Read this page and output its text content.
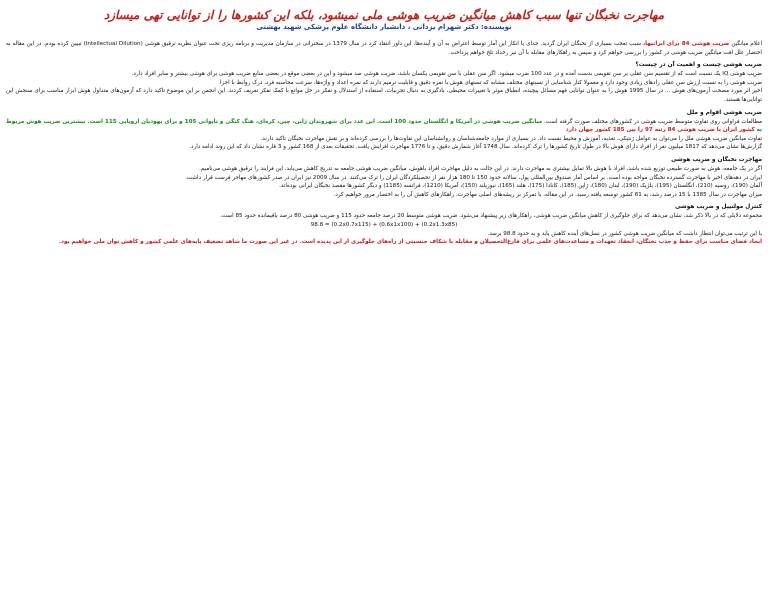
مهاجرت نخبگان تنها سبب کاهش میانگین ضریب هوشی ملی نمیشود، بلکه این کشورها را از توانایی تهی میسازد

نویسنده: دکتر شهرام یزدانی ، دانشیار دانشگاه علوم پزشکی شهید بهشتی

اعلام میانگین ضریب هوشی 84 برای ایرانیها، سبب تعجب بسیاری از نخبگان ایران گردید. جدای با انکار این آمار توسط اعتراض به آن و آینده‌ها، این داور انتقاد کرد در سال 1379 در سخنرانی در سازمان مدیریت و برنامه ریزی تحت عنوان نظریه ترقیق هوشی (Intellectual Dilution) تبیین کرده بودم. در این مقاله به اختصار علل افت میانگین ضریب هوشی در کشور را بررسی خواهم کرد و سپس به راهکارهای مقابله با آن نیز رخداد تلخ خواهم پرداخت.

ضریب هوشی چیست و اهمیت آن در چیست؟

ضریب هوشی IQ یک نسبت است که از تقسیم سن عقلی بر سن تقویمی بدست آمده و در عدد 100 ضرب میشود. اگر سن عقلی با سن تقویمی یکسان باشد، ضریب هوشی صد میشود و این در بعضی موقع در بعضی منابع ضریب هوشی برای هوشی بیشتر و سایر افراد دارد.

ضریب هوشی را به نسبت ارزش سن عقلی رادهای زیادی وجود دارد و معمولا کنار شناسایی از نسبتهای مختلف مشابه که تستهای هوش با نمره دقیق و قابلیت ترمیم دارند که نمره اعداد و واژه‌ها، سرعت محاسبه فرد، درک روابط با اجزا

اخیر اثر مورد مصحت آزمون‌های هوش ... در سال 1995 هوش را به عنوان توانایی فهم مسائل پیچیده، انطباق موثر با تغییرات محیطی، یادگیری به دنبال تجربیات، استفاده از استدلال و تفکر در حل موانع با کمک تفکر تعریف کردند. این انجمن بر این موضوع تاکید دارد که آزمون‌های متداول هوش ابزار مناسب برای سنجش این توانایی‌ها هستند.

ضریب هوشی اقوام و ملل

مطالعات فراوانی روی تفاوت متوسط ضریب هوشی در کشورهای مختلف صورت گرفته است. میانگین ضریب هوشی در آمریکا و انگلستان حدود 100 است. این عدد برای شهروندان ژاپن، چین، کره‌ای، هنگ کنگی و تایوانی 105 و برای یهودیان اروپایی 115 است. بیشترین ضریب هوش مربوط به کشور ایران با ضریب هوشی 84 رتبه 97 را بین 185 کشور جهان دارد

تفاوت میانگین ضریب هوشی ملل را می‌توان به عوامل ژنتیکی، تغذیه، آموزش و محیط نسبت داد. در بسیاری از موارد جامعه‌شناسان و روانشناسان این تفاوت‌ها را بررسی کرده‌اند و بر نقش مهاجرت نخبگان تاکید دارند.

گزارش‌ها نشان می‌دهد که 1817 میلیون نفر از افراد دارای هوش بالا در طول تاریخ کشورها را ترک کرده‌اند. سال 1748 آغاز شمارش دقیق، و تا 1776 مهاجرت افزایش یافت. تحقیقات بعدی از 168 کشور و 3 قاره نشان داد که این روند ادامه دارد.

مهاجرت نخبگان و ضریب هوشی

اگر در یک جامعه، هوش به صورت طبیعی توزیع شده باشد، افراد با هوش بالا تمایل بیشتری به مهاجرت دارند. در این حالت به دلیل مهاجرت افراد باهوش، میانگین ضریب هوشی جامعه به تدریج کاهش می‌یابد. این فرایند را ترقیق هوشی می‌نامیم.

ایران در دهه‌های اخیر با مهاجرت گسترده نخبگان مواجه بوده است. بر اساس آمار صندوق بین‌المللی پول، سالانه حدود 150 تا 180 هزار نفر از تحصیلکردگان ایران را ترک می‌کنند. در سال 2009 نیز ایران در صدر کشورهای مهاجر فرست قرار داشت.

آلمان (190)، روسیه (210)، انگلستان (195)، بلژیک (190)، لبنان (180)، ژاپن (185)، کانادا (175)، هلند (165)، نیوزیلند (150)، آمریکا (1210)، فرانسه (1185) و دیگر کشورها مقصد نخبگان ایرانی بوده‌اند.

میزان مهاجرت در سال 1385 با 15 درصد رشد، به 61 کشور توسعه یافته رسید. در این مقاله، با تمرکز بر ریشه‌های اصلی مهاجرت، راهکارهای کاهش آن را به اختصار مرور خواهیم کرد.

کنترل مولتیپل و ضریب هوشی

مجموعه دلایلی که در بالا ذکر شد، نشان می‌دهد که برای جلوگیری از کاهش میانگین ضریب هوشی، راهکارهای زیر پیشنهاد می‌شود. ضریب هوشی متوسط 20 درصد جامعه حدود 115 و ضریب هوشی 80 درصد باقیمانده حدود 85 است.

98.8 = (0.2x0.7x115) + (0.6x1x100) + (0.2x1.3x85)

با این ترتیب می‌توان انتظار داشت که میانگین ضریب هوشی کشور در نسل‌های آینده کاهش یابد و به حدود 98.8 برسد.

ایجاد فضای مناسب برای حفظ و جذب نخبگان، انعقاد تعهدات و مساعدت‌های علمی برای فارغ‌التحصیلان و مقابله با شکاف جنسیتی از راه‌های جلوگیری از این پدیده است. در غیر این صورت ما شاهد تضعیف پایه‌های علمی کشور و کاهش توان ملی خواهیم بود.
